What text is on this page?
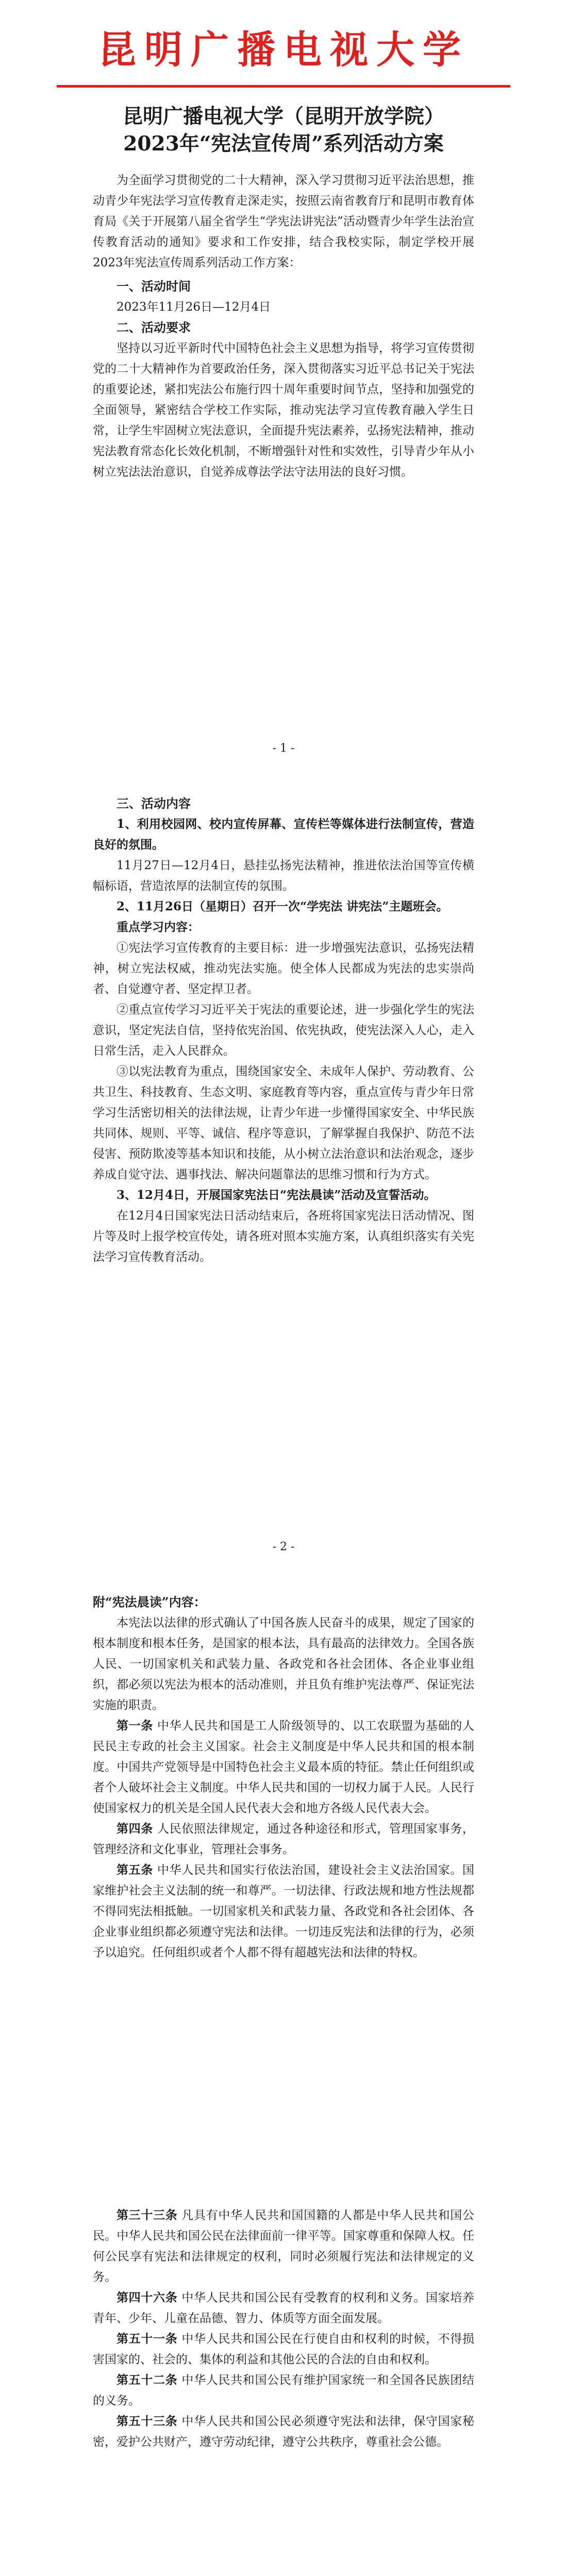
昆明广播电视大学
昆明广播电视大学（昆明开放学院）
2023年“宪法宣传周”系列活动方案

为全面学习贯彻党的二十大精神，深入学习贯彻习近平法治思想，推动青少年宪法学习宣传教育走深走实，按照云南省教育厅和昆明市教育体育局《关于开展第八届全省学生“学宪法讲宪法”活动暨青少年学生法治宣传教育活动的通知》要求和工作安排，结合我校实际，制定学校开展2023年宪法宣传周系列活动工作方案：

一、活动时间

2023年11月26日—12月4日

二、活动要求

坚持以习近平新时代中国特色社会主义思想为指导，将学习宣传贯彻党的二十大精神作为首要政治任务，深入贯彻落实习近平总书记关于宪法的重要论述，紧扣宪法公布施行四十周年重要时间节点，坚持和加强党的全面领导，紧密结合学校工作实际，推动宪法学习宣传教育融入学生日常，让学生牢固树立宪法意识，全面提升宪法素养，弘扬宪法精神，推动宪法教育常态化长效化机制，不断增强针对性和实效性，引导青少年从小树立宪法法治意识，自觉养成尊法学法守法用法的良好习惯。

- 1 -

三、活动内容

1、利用校园网、校内宣传屏幕、宣传栏等媒体进行法制宣传，营造良好的氛围。

11月27日—12月4日，悬挂弘扬宪法精神，推进依法治国等宣传横幅标语，营造浓厚的法制宣传的氛围。

2、11月26日（星期日）召开一次“学宪法 讲宪法”主题班会。

重点学习内容：

①宪法学习宣传教育的主要目标：进一步增强宪法意识，弘扬宪法精神，树立宪法权威，推动宪法实施。使全体人民都成为宪法的忠实崇尚者、自觉遵守者、坚定捍卫者。

②重点宣传学习习近平关于宪法的重要论述，进一步强化学生的宪法意识，坚定宪法自信，坚持依宪治国、依宪执政，使宪法深入人心，走入日常生活，走入人民群众。

③以宪法教育为重点，围绕国家安全、未成年人保护、劳动教育、公共卫生、科技教育、生态文明、家庭教育等内容，重点宣传与青少年日常学习生活密切相关的法律法规，让青少年进一步懂得国家安全、中华民族共同体、规则、平等、诚信、程序等意识，了解掌握自我保护、防范不法侵害、预防欺凌等基本知识和技能，从小树立法治意识和法治观念，逐步养成自觉守法、遇事找法、解决问题靠法的思维习惯和行为方式。

3、12月4日，开展国家宪法日“宪法晨读”活动及宣誓活动。

在12月4日国家宪法日活动结束后，各班将国家宪法日活动情况、图片等及时上报学校宣传处，请各班对照本实施方案，认真组织落实有关宪法学习宣传教育活动。

- 2 -

附“宪法晨读”内容：

本宪法以法律的形式确认了中国各族人民奋斗的成果，规定了国家的根本制度和根本任务，是国家的根本法，具有最高的法律效力。全国各族人民、一切国家机关和武装力量、各政党和各社会团体、各企业事业组织，都必须以宪法为根本的活动准则，并且负有维护宪法尊严、保证宪法实施的职责。

第一条 中华人民共和国是工人阶级领导的、以工农联盟为基础的人民民主专政的社会主义国家。社会主义制度是中华人民共和国的根本制度。中国共产党领导是中国特色社会主义最本质的特征。禁止任何组织或者个人破坏社会主义制度。中华人民共和国的一切权力属于人民。人民行使国家权力的机关是全国人民代表大会和地方各级人民代表大会。

第四条 人民依照法律规定，通过各种途径和形式，管理国家事务，管理经济和文化事业，管理社会事务。

第五条 中华人民共和国实行依法治国，建设社会主义法治国家。国家维护社会主义法制的统一和尊严。一切法律、行政法规和地方性法规都不得同宪法相抵触。一切国家机关和武装力量、各政党和各社会团体、各企业事业组织都必须遵守宪法和法律。一切违反宪法和法律的行为，必须予以追究。任何组织或者个人都不得有超越宪法和法律的特权。

第三十三条 凡具有中华人民共和国国籍的人都是中华人民共和国公民。中华人民共和国公民在法律面前一律平等。国家尊重和保障人权。任何公民享有宪法和法律规定的权利，同时必须履行宪法和法律规定的义务。

第四十六条 中华人民共和国公民有受教育的权利和义务。国家培养青年、少年、儿童在品德、智力、体质等方面全面发展。

第五十一条 中华人民共和国公民在行使自由和权利的时候，不得损害国家的、社会的、集体的利益和其他公民的合法的自由和权利。

第五十二条 中华人民共和国公民有维护国家统一和全国各民族团结的义务。

第五十三条 中华人民共和国公民必须遵守宪法和法律，保守国家秘密，爱护公共财产，遵守劳动纪律，遵守公共秩序，尊重社会公德。
